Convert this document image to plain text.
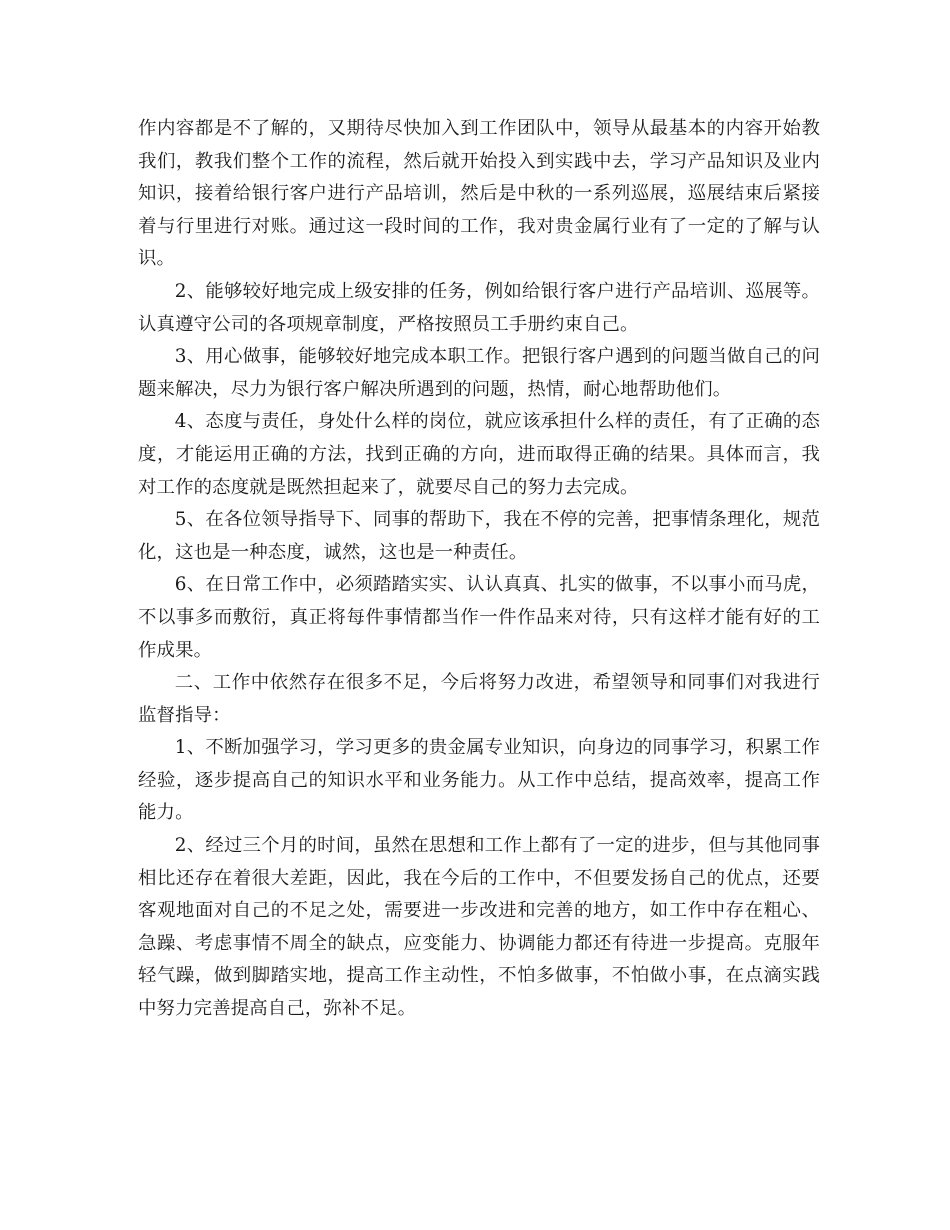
作内容都是不了解的，又期待尽快加入到工作团队中，领导从最基本的内容开始教我们，教我们整个工作的流程，然后就开始投入到实践中去，学习产品知识及业内知识，接着给银行客户进行产品培训，然后是中秋的一系列巡展，巡展结束后紧接着与行里进行对账。通过这一段时间的工作，我对贵金属行业有了一定的了解与认识。

2、能够较好地完成上级安排的任务，例如给银行客户进行产品培训、巡展等。认真遵守公司的各项规章制度，严格按照员工手册约束自己。

3、用心做事，能够较好地完成本职工作。把银行客户遇到的问题当做自己的问题来解决，尽力为银行客户解决所遇到的问题，热情，耐心地帮助他们。

4、态度与责任，身处什么样的岗位，就应该承担什么样的责任，有了正确的态度，才能运用正确的方法，找到正确的方向，进而取得正确的结果。具体而言，我对工作的态度就是既然担起来了，就要尽自己的努力去完成。

5、在各位领导指导下、同事的帮助下，我在不停的完善，把事情条理化，规范化，这也是一种态度，诚然，这也是一种责任。

6、在日常工作中，必须踏踏实实、认认真真、扎实的做事，不以事小而马虎，不以事多而敷衍，真正将每件事情都当作一件作品来对待，只有这样才能有好的工作成果。

二、工作中依然存在很多不足，今后将努力改进，希望领导和同事们对我进行监督指导：

1、不断加强学习，学习更多的贵金属专业知识，向身边的同事学习，积累工作经验，逐步提高自己的知识水平和业务能力。从工作中总结，提高效率，提高工作能力。

2、经过三个月的时间，虽然在思想和工作上都有了一定的进步，但与其他同事相比还存在着很大差距，因此，我在今后的工作中，不但要发扬自己的优点，还要客观地面对自己的不足之处，需要进一步改进和完善的地方，如工作中存在粗心、急躁、考虑事情不周全的缺点，应变能力、协调能力都还有待进一步提高。克服年轻气躁，做到脚踏实地，提高工作主动性，不怕多做事，不怕做小事，在点滴实践中努力完善提高自己，弥补不足。
